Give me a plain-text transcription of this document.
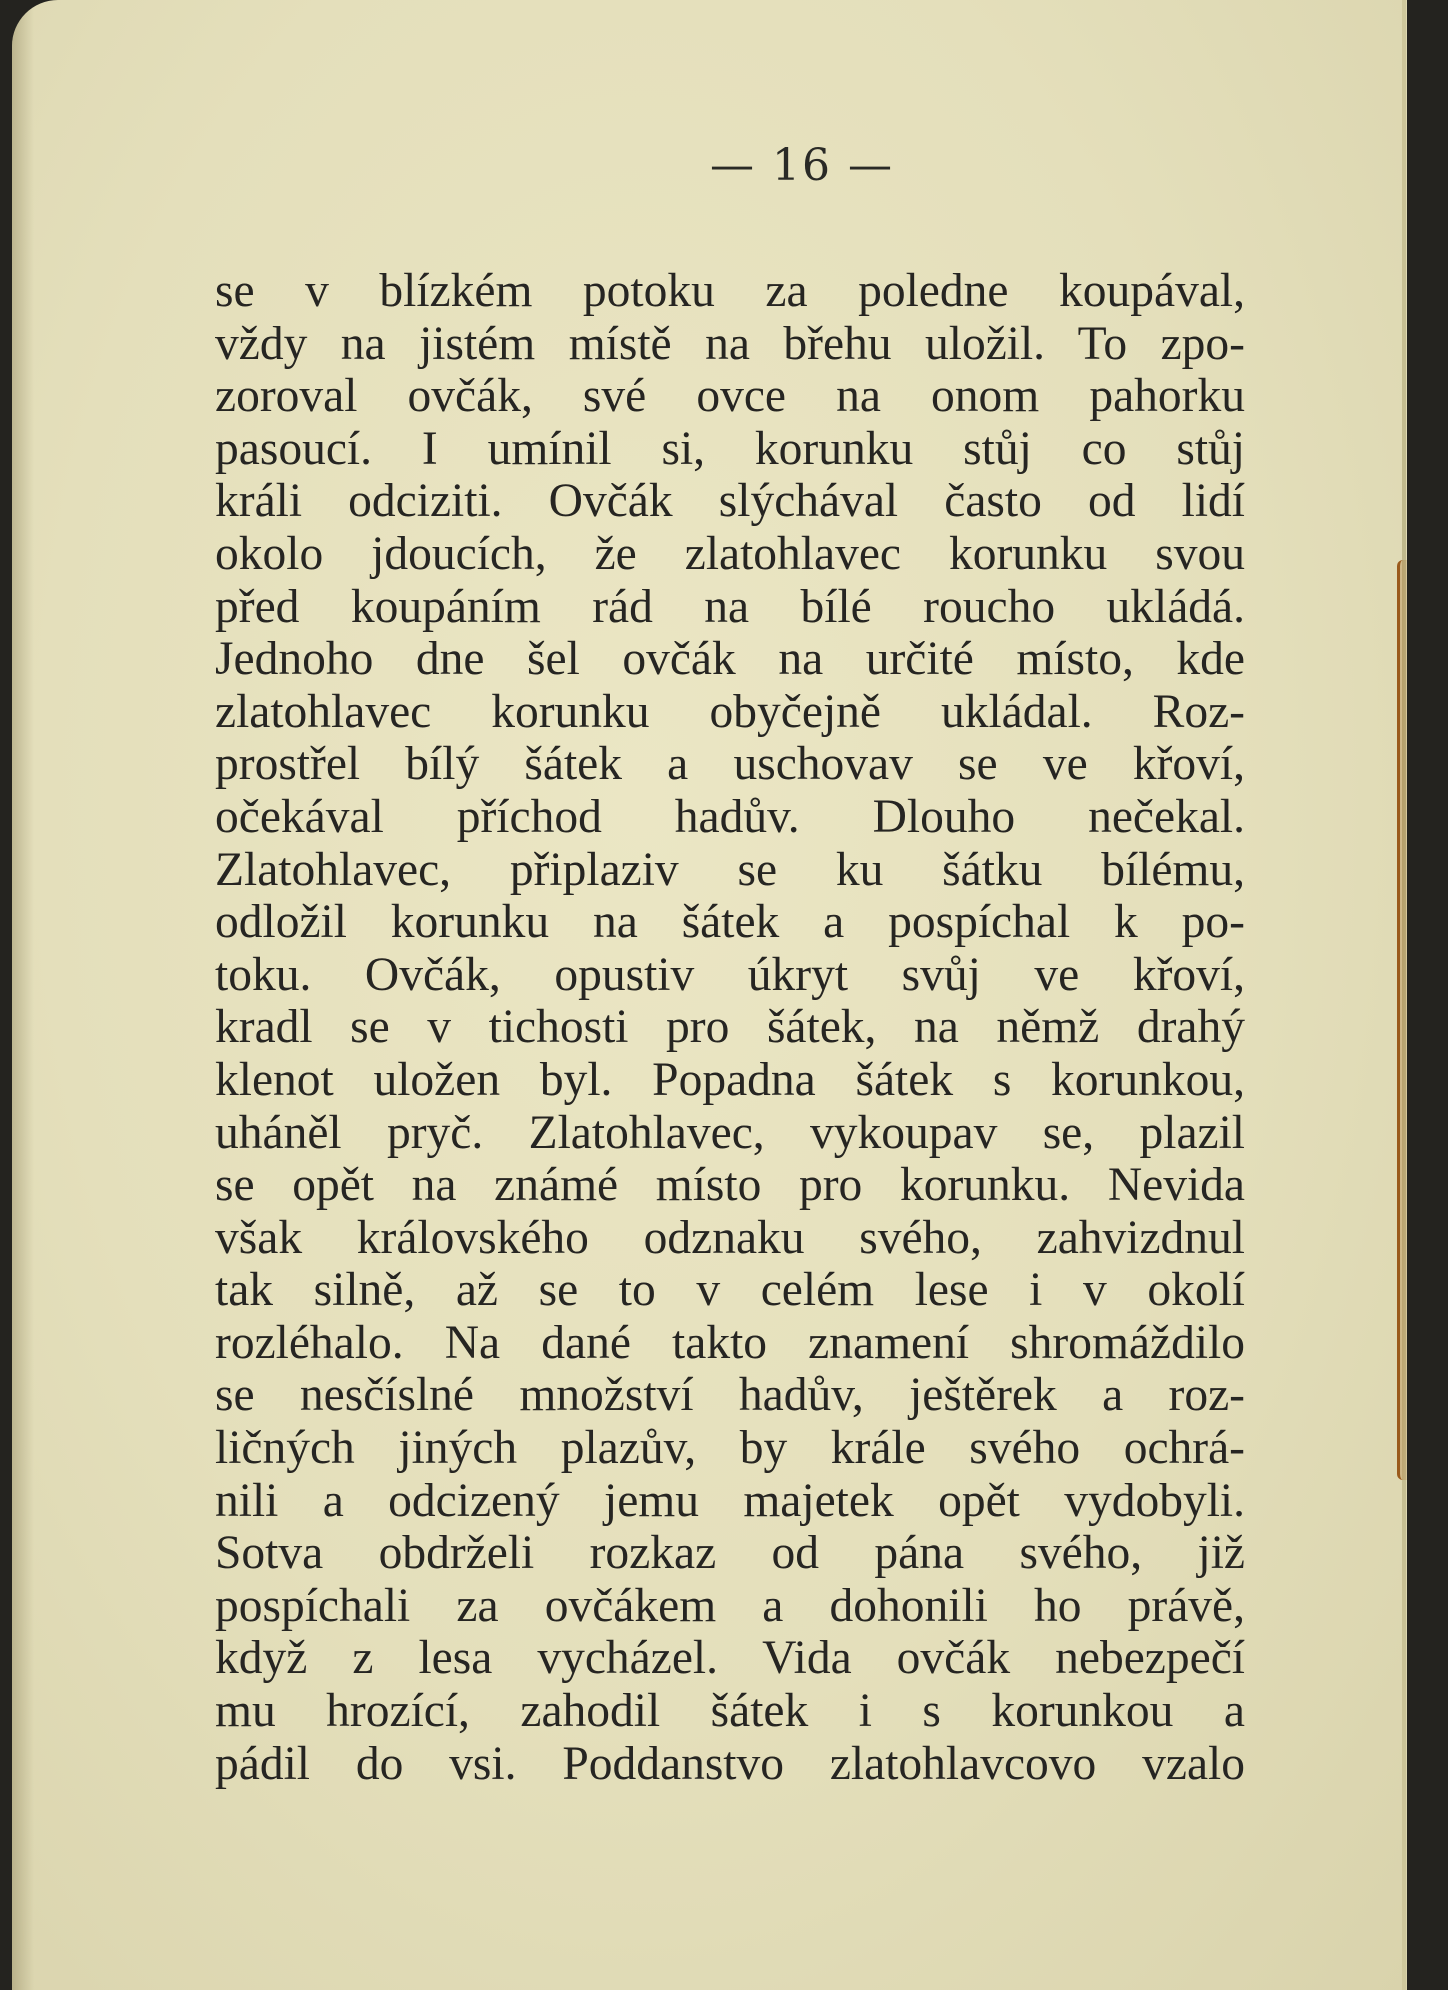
— 16 —
se v blízkém potoku za poledne koupával,
vždy na jistém místě na břehu uložil. To zpo-
zoroval ovčák, své ovce na onom pahorku
pasoucí. I umínil si, korunku stůj co stůj
králi odciziti. Ovčák slýchával často od lidí
okolo jdoucích, že zlatohlavec korunku svou
před koupáním rád na bílé roucho ukládá.
Jednoho dne šel ovčák na určité místo, kde
zlatohlavec korunku obyčejně ukládal. Roz-
prostřel bílý šátek a uschovav se ve křoví,
očekával příchod hadův. Dlouho nečekal.
Zlatohlavec, připlaziv se ku šátku bílému,
odložil korunku na šátek a pospíchal k po-
toku. Ovčák, opustiv úkryt svůj ve křoví,
kradl se v tichosti pro šátek, na němž drahý
klenot uložen byl. Popadna šátek s korunkou,
uháněl pryč. Zlatohlavec, vykoupav se, plazil
se opět na známé místo pro korunku. Nevida
však královského odznaku svého, zahvizdnul
tak silně, až se to v celém lese i v okolí
rozléhalo. Na dané takto znamení shromáždilo
se nesčíslné množství hadův, ještěrek a roz-
ličných jiných plazův, by krále svého ochrá-
nili a odcizený jemu majetek opět vydobyli.
Sotva obdrželi rozkaz od pána svého, již
pospíchali za ovčákem a dohonili ho právě,
když z lesa vycházel. Vida ovčák nebezpečí
mu hrozící, zahodil šátek i s korunkou a
pádil do vsi. Poddanstvo zlatohlavcovo vzalo
